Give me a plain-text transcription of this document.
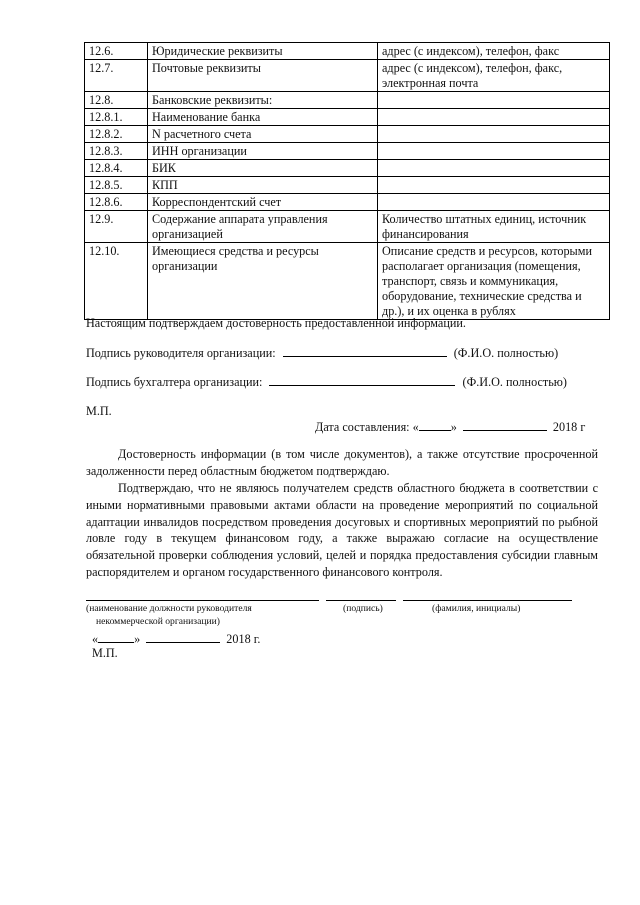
12.6.	Юридические реквизиты	адрес (с индексом), телефон, факс
12.7.	Почтовые реквизиты	адрес (с индексом), телефон, факс, электронная почта
12.8.	Банковские реквизиты:	
12.8.1.	Наименование банка	
12.8.2.	N расчетного счета	
12.8.3.	ИНН организации	
12.8.4.	БИК	
12.8.5.	КПП	
12.8.6.	Корреспондентский счет	
12.9.	Содержание аппарата управления организацией	Количество штатных единиц, источник финансирования
12.10.	Имеющиеся средства и ресурсы организации	Описание средств и ресурсов, которыми располагает организация (помещения, транспорт, связь и коммуникация, оборудование, технические средства и др.), и их оценка в рублях
Настоящим подтверждаем достоверность предоставленной информации.
Подпись руководителя организации:	(Ф.И.О. полностью)
Подпись бухгалтера организации:	(Ф.И.О. полностью)
М.П.
Дата составления: «	»	2018 г

Достоверность информации (в том числе документов), а также отсутствие просроченной задолженности перед областным бюджетом подтверждаю.

Подтверждаю, что не являюсь получателем средств областного бюджета в соответствии с иными нормативными правовыми актами области на проведение мероприятий по социальной адаптации инвалидов посредством проведения досуговых и спортивных мероприятий по рыбной ловле году в текущем финансовом году, а также выражаю согласие на осуществление обязательной проверки соблюдения условий, целей и порядка предоставления субсидии главным распорядителем и органом государственного финансового контроля.

(наименование должности руководителя
некоммерческой организации)
(подпись)	(фамилия, инициалы)
«	»	2018 г.
М.П.
